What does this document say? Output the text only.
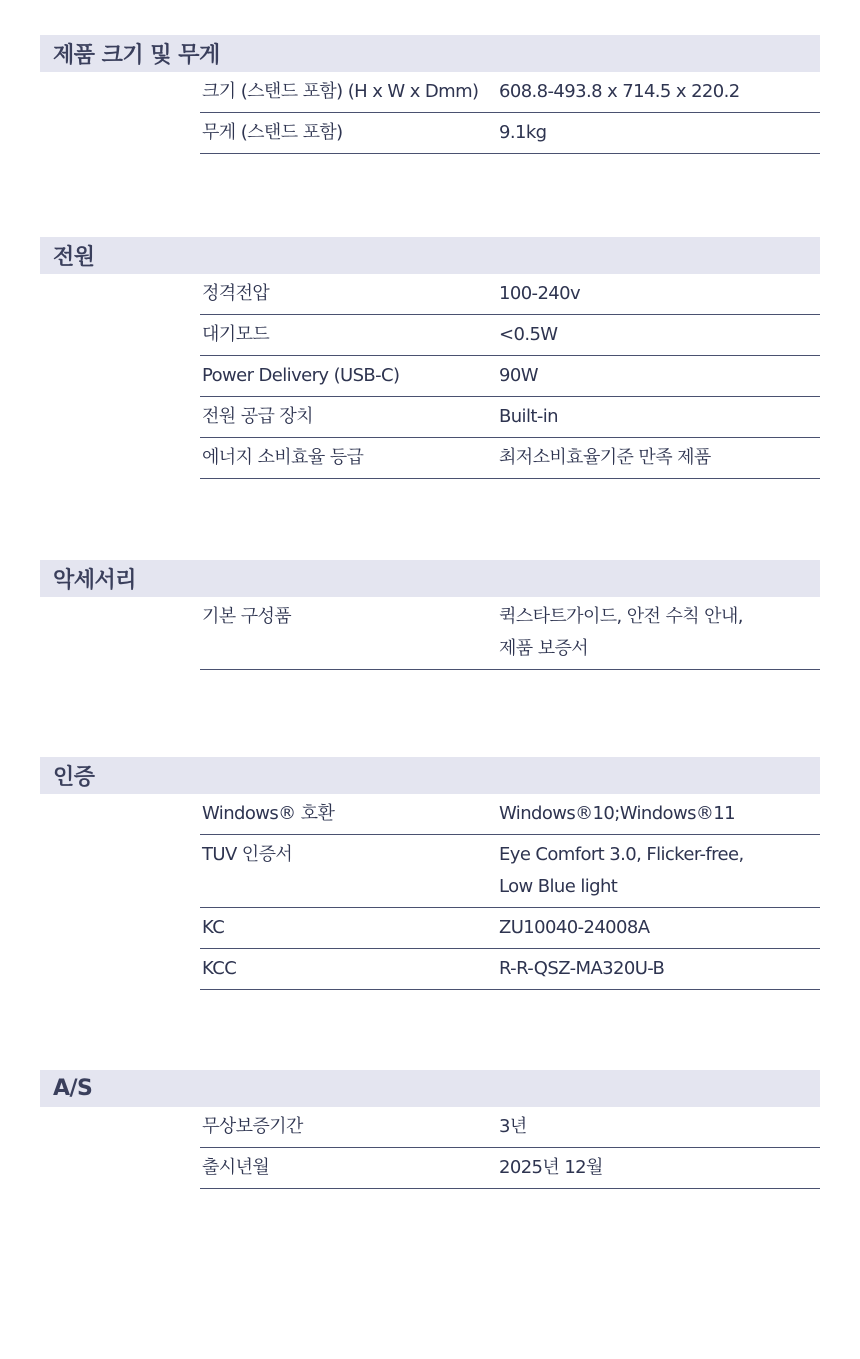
제품 크기 및 무게
크기 (스탠드 포함) (H x W x Dmm)	608.8-493.8 x 714.5 x 220.2
무게 (스탠드 포함)	9.1kg
전원
정격전압	100-240v
대기모드	<0.5W
Power Delivery (USB-C)	90W
전원 공급 장치	Built-in
에너지 소비효율 등급	최저소비효율기준 만족 제품
악세서리
기본 구성품	퀵스타트가이드, 안전 수칙 안내,
제품 보증서
인증
Windows® 호환	Windows®10;Windows®11
TUV 인증서	Eye Comfort 3.0, Flicker-free,
Low Blue light
KC	ZU10040-24008A
KCC	R-R-QSZ-MA320U-B
A/S
무상보증기간	3년
출시년월	2025년 12월
